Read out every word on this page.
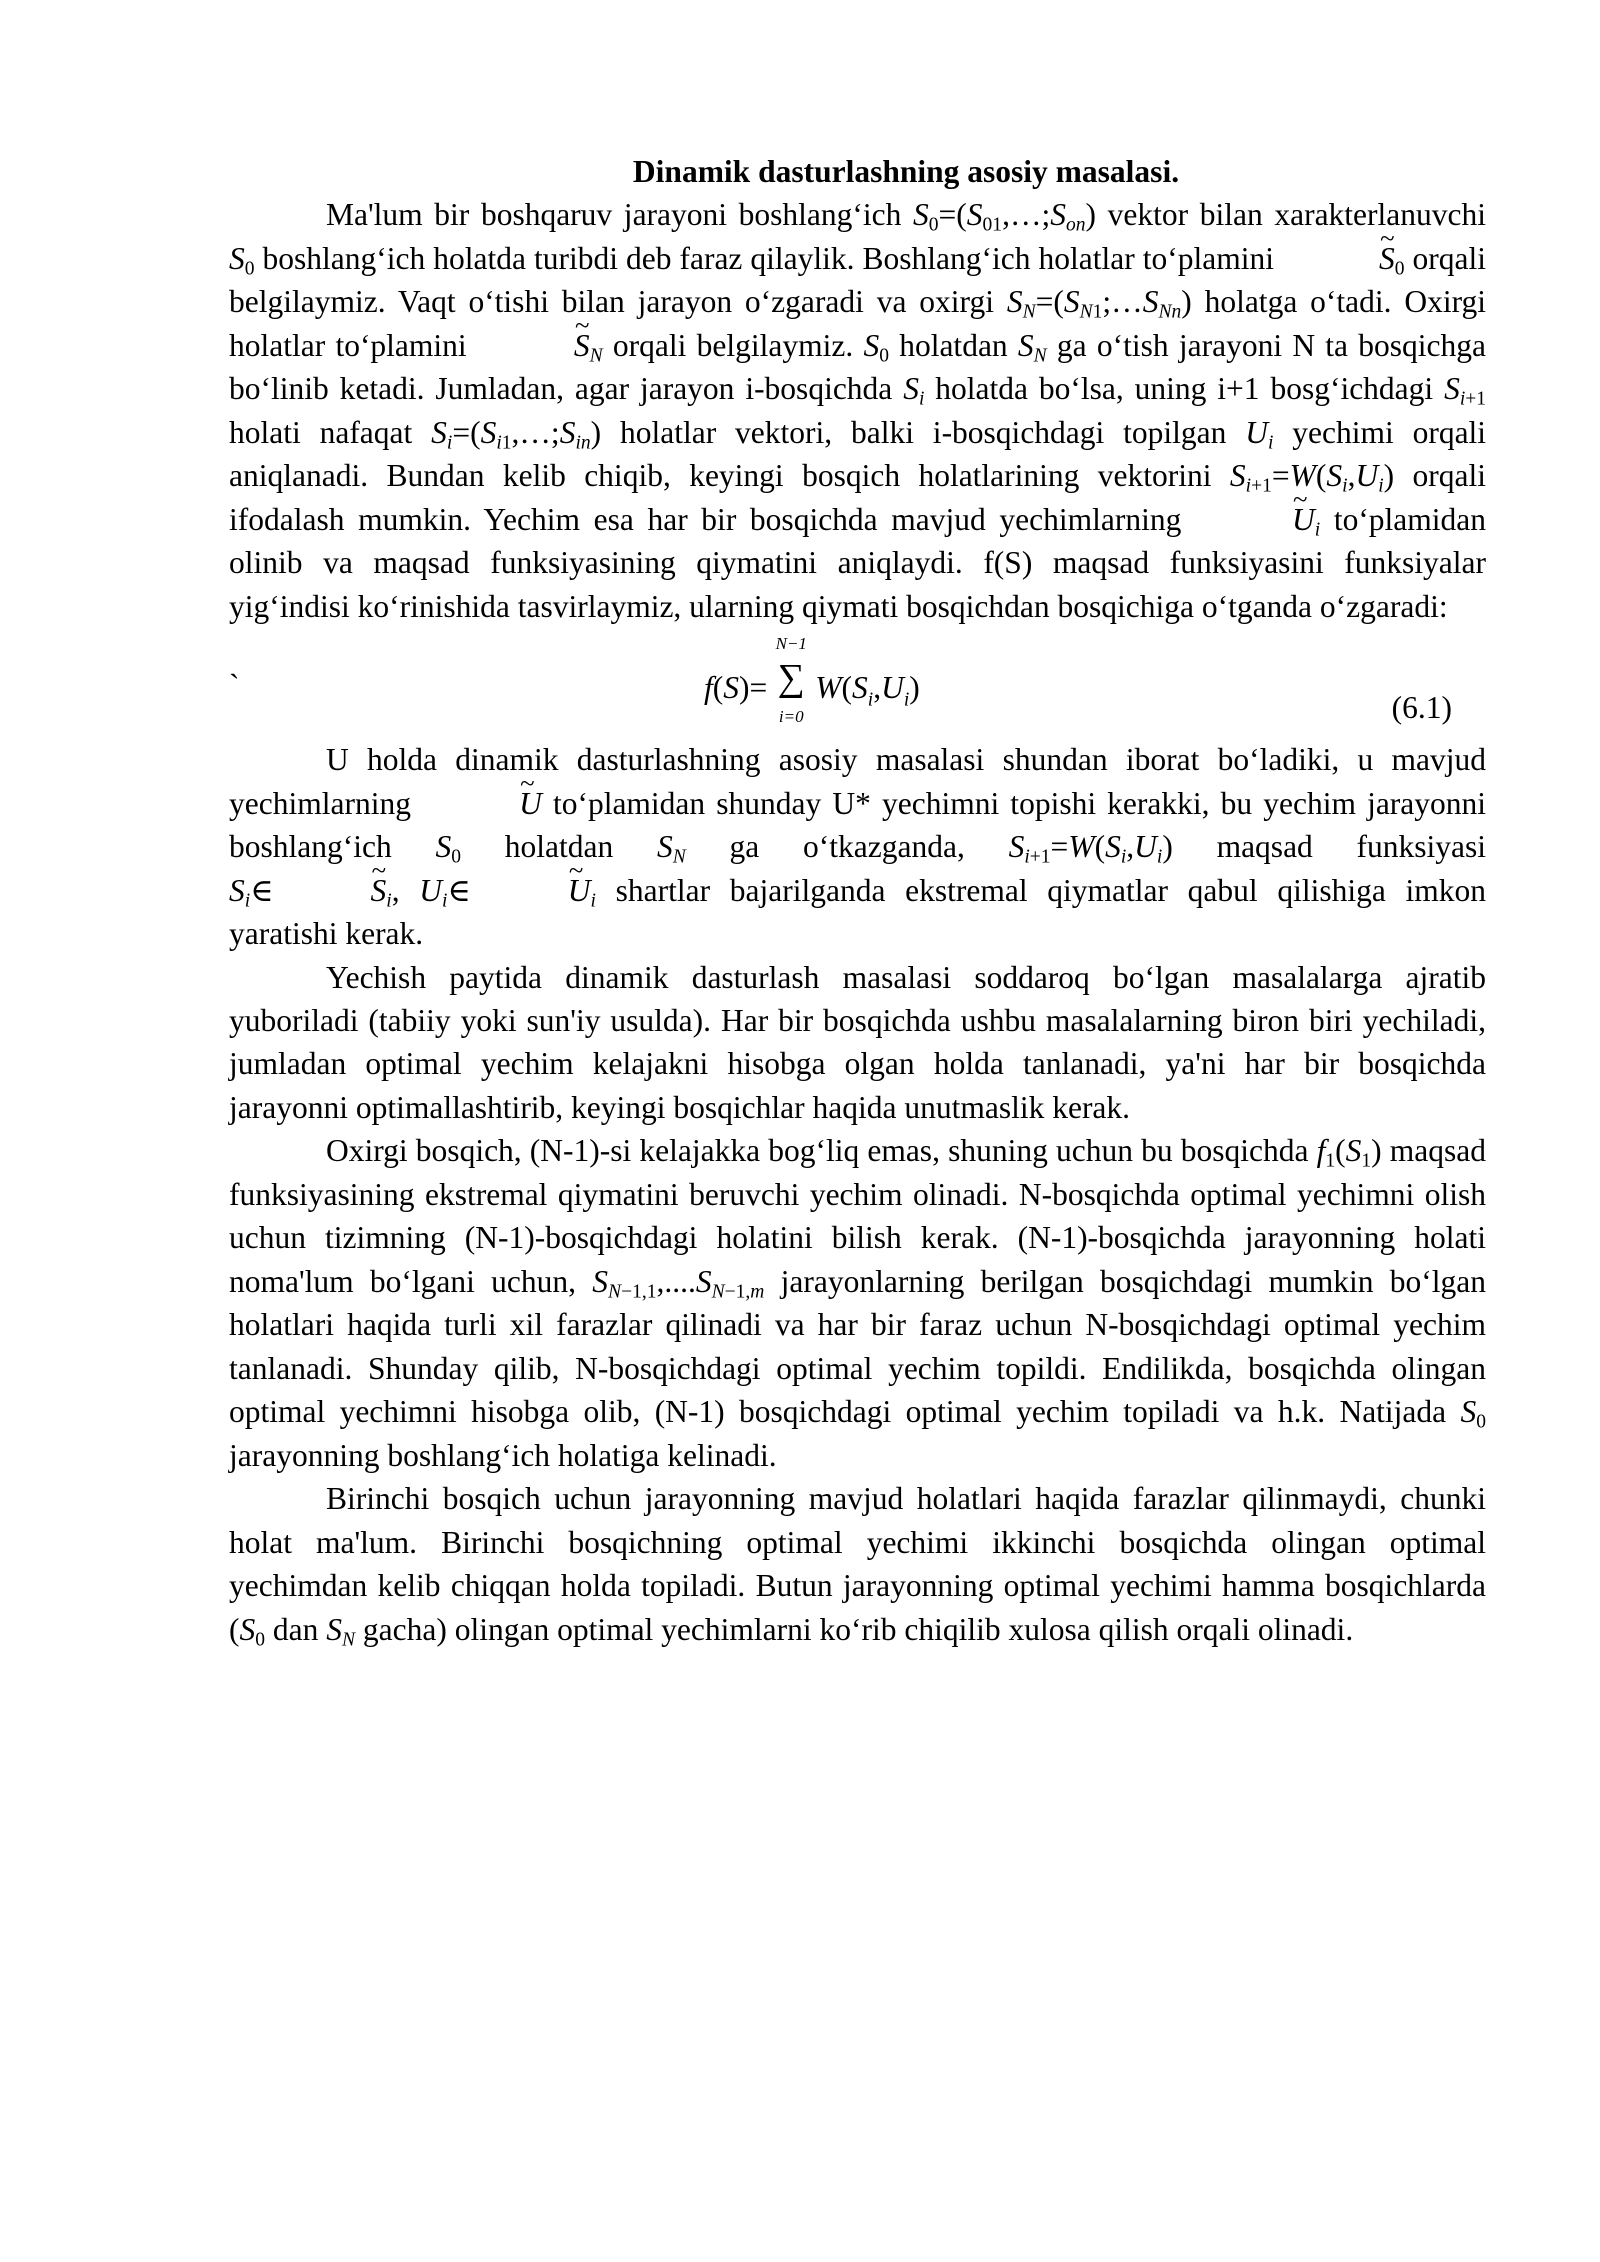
Dinamik dasturlashning asosiy masalasi.

Ma'lum bir boshqaruv jarayoni boshlang‘ich $S_0=(S_{01},\dots;S_{on})$ vektor bilan xarakterlanuvchi $S_0$ boshlang‘ich holatda turibdi deb faraz qilaylik. Boshlang‘ich holatlar to‘plamini ~	$S_0$ orqali belgilaymiz. Vaqt o‘tishi bilan jarayon o‘zgaradi va oxirgi $S_N=(S_{N1};\dots S_{Nn})$ holatga o‘tadi. Oxirgi holatlar to‘plamini ~	$S_N$ orqali belgilaymiz. $S_0$ holatdan $S_N$ ga o‘tish jarayoni N ta bosqichga bo‘linib ketadi. Jumladan, agar jarayon i-bosqichda $S_i$ holatda bo‘lsa, uning i+1 bosg‘ichdagi $S_{i+1}$ holati nafaqat $S_i=(S_{i1},\dots;S_{in})$ holatlar vektori, balki i-bosqichdagi topilgan $U_i$ yechimi orqali aniqlanadi. Bundan kelib chiqib, keyingi bosqich holatlarining vektorini $S_{i+1}=W(S_i,U_i)$ orqali ifodalash mumkin. Yechim esa har bir bosqichda mavjud yechimlarning ~	$U_i$ to‘plamidan olinib va maqsad funksiyasining qiymatini aniqlaydi. f(S) maqsad funksiyasini funksiyalar yig‘indisi ko‘rinishida tasvirlaymiz, ularning qiymati bosqichdan bosqichiga o‘tganda o‘zgaradi:

`	f(S)=
N−1
∑
i=0
$W(S_i,U_i)$
(6.1)

U holda dinamik dasturlashning asosiy masalasi shundan iborat bo‘ladiki, u mavjud yechimlarning ~	U to‘plamidan shunday U* yechimni topishi kerakki, bu yechim jarayonni boshlang‘ich $S_0$ holatdan $S_N$ ga o‘tkazganda, $S_{i+1}=W(S_i,U_i)$ maqsad funksiyasi $S_i\in\sim$	$S_i$, $U_i\in\sim$	$U_i$ shartlar bajarilganda ekstremal qiymatlar qabul qilishiga imkon yaratishi kerak.

Yechish paytida dinamik dasturlash masalasi soddaroq bo‘lgan masalalarga ajratib yuboriladi (tabiiy yoki sun'iy usulda). Har bir bosqichda ushbu masalalarning biron biri yechiladi, jumladan optimal yechim kelajakni hisobga olgan holda tanlanadi, ya'ni har bir bosqichda jarayonni optimallashtirib, keyingi bosqichlar haqida unutmaslik kerak.

Oxirgi bosqich, (N-1)-si kelajakka bog‘liq emas, shuning uchun bu bosqichda $f_1(S_1)$ maqsad funksiyasining ekstremal qiymatini beruvchi yechim olinadi. N-bosqichda optimal yechimni olish uchun tizimning (N-1)-bosqichdagi holatini bilish kerak. (N-1)-bosqichda jarayonning holati noma'lum bo‘lgani uchun, $S_{N-1,1},....S_{N-1,m}$ jarayonlarning berilgan bosqichdagi mumkin bo‘lgan holatlari haqida turli xil farazlar qilinadi va har bir faraz uchun N-bosqichdagi optimal yechim tanlanadi. Shunday qilib, N-bosqichdagi optimal yechim topildi. Endilikda, bosqichda olingan optimal yechimni hisobga olib, (N-1) bosqichdagi optimal yechim topiladi va h.k. Natijada $S_0$ jarayonning boshlang‘ich holatiga kelinadi.

Birinchi bosqich uchun jarayonning mavjud holatlari haqida farazlar qilinmaydi, chunki holat ma'lum. Birinchi bosqichning optimal yechimi ikkinchi bosqichda olingan optimal yechimdan kelib chiqqan holda topiladi. Butun jarayonning optimal yechimi hamma bosqichlarda ($S_0$ dan $S_N$ gacha) olingan optimal yechimlarni ko‘rib chiqilib xulosa qilish orqali olinadi.
